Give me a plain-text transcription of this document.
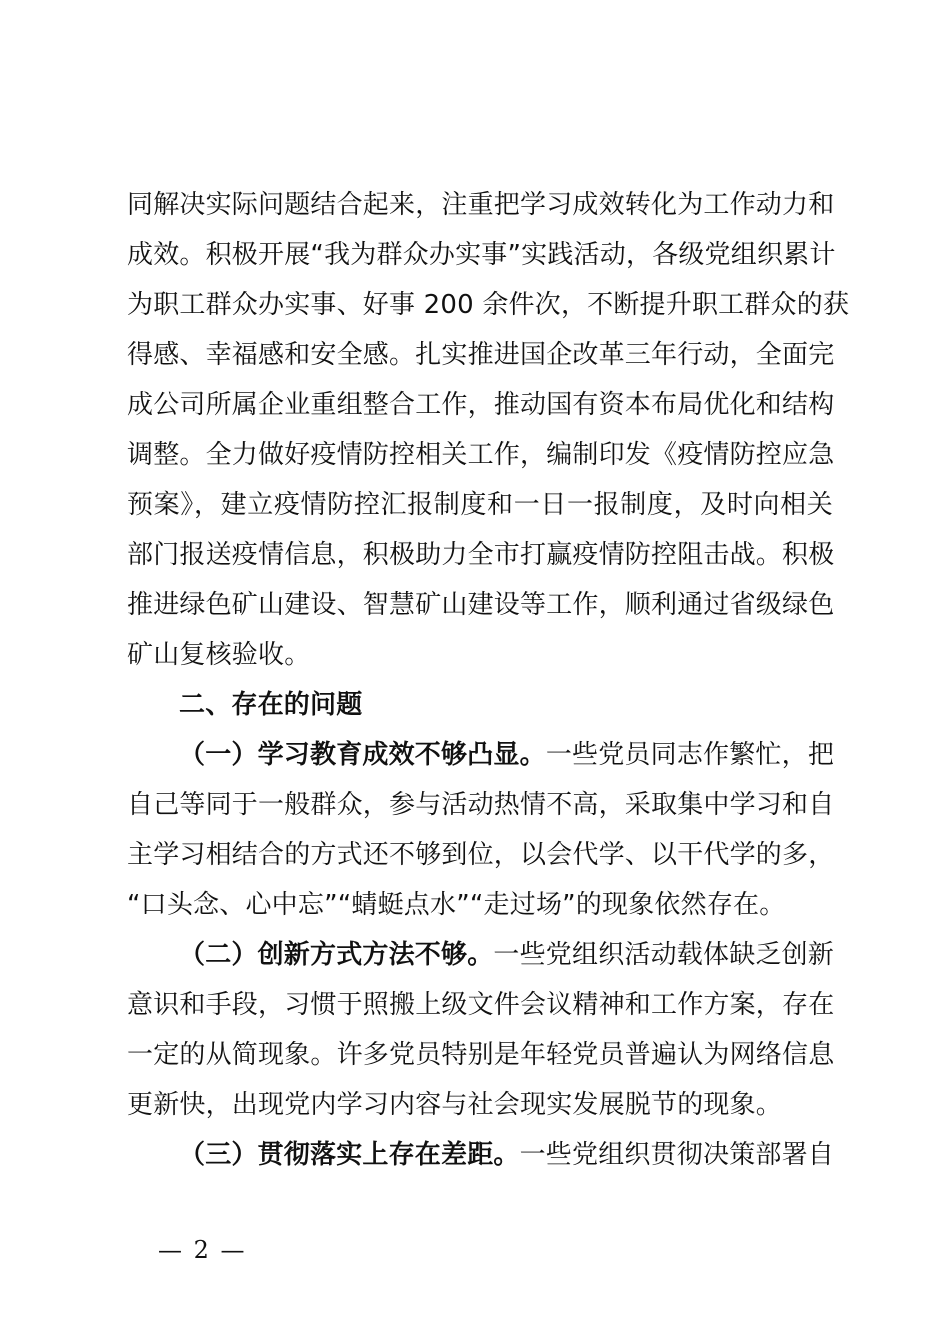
同解决实际问题结合起来，注重把学习成效转化为工作动力和
成效。积极开展“我为群众办实事”实践活动，各级党组织累计
为职工群众办实事、好事 200 余件次，不断提升职工群众的获
得感、幸福感和安全感。扎实推进国企改革三年行动，全面完
成公司所属企业重组整合工作，推动国有资本布局优化和结构
调整。全力做好疫情防控相关工作，编制印发《疫情防控应急
预案》，建立疫情防控汇报制度和一日一报制度，及时向相关
部门报送疫情信息，积极助力全市打赢疫情防控阻击战。积极
推进绿色矿山建设、智慧矿山建设等工作，顺利通过省级绿色
矿山复核验收。
二、存在的问题
（一）学习教育成效不够凸显。一些党员同志作繁忙，把
自己等同于一般群众，参与活动热情不高，采取集中学习和自
主学习相结合的方式还不够到位，以会代学、以干代学的多，
“口头念、心中忘”“蜻蜓点水”“走过场”的现象依然存在。
（二）创新方式方法不够。一些党组织活动载体缺乏创新
意识和手段，习惯于照搬上级文件会议精神和工作方案，存在
一定的从简现象。许多党员特别是年轻党员普遍认为网络信息
更新快，出现党内学习内容与社会现实发展脱节的现象。
（三）贯彻落实上存在差距。一些党组织贯彻决策部署自
— 2 —
